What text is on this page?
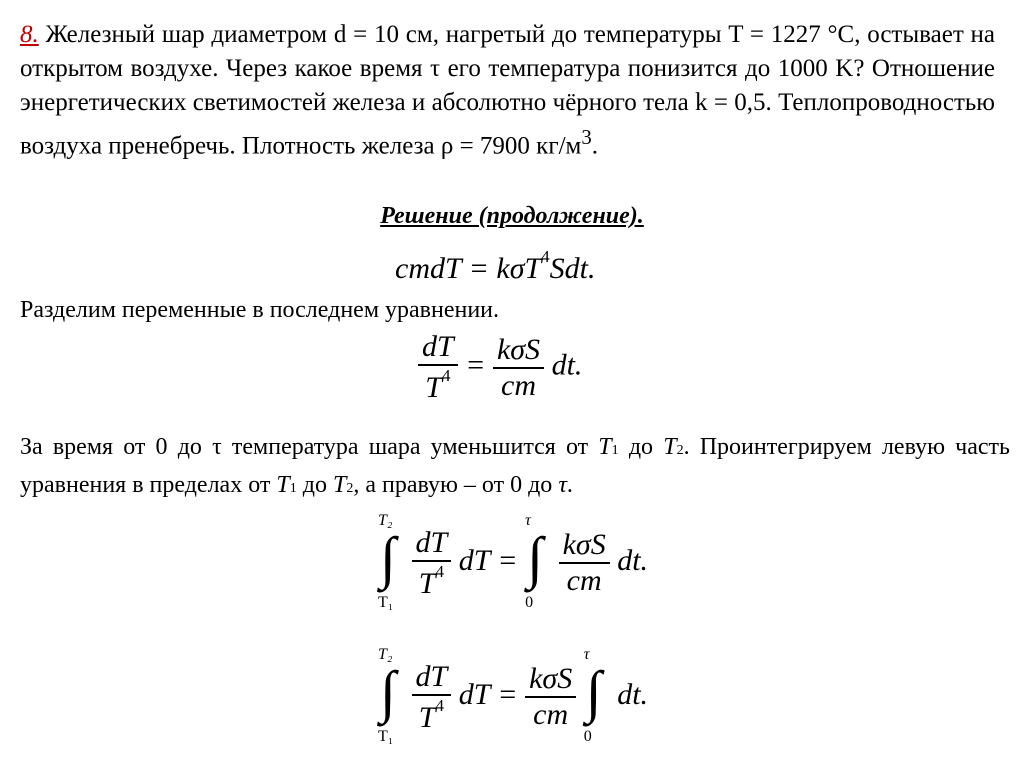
8. Железный шар диаметром d = 10 см, нагретый до температуры T = 1227 °C, остывает на открытом воздухе. Через какое время τ его температура понизится до 1000 K? Отношение энергетических светимостей железа и абсолютно чёрного тела k = 0,5. Теплопроводностью воздуха пренебречь. Плотность железа ρ = 7900 $кг/м^3$.
Решение (продолжение).
cmdT = kσT$^4$Sdt.
Разделим переменные в последнем уравнении.
$\frac{dT}{T^4} = \frac{\text{kσS}}{cm}$ dt.
За время от 0 до τ температура шара уменьшится от T1 до T2. Проинтегрируем левую часть уравнения в пределах от T1 до T2, а правую – от 0 до τ.
T₂
∫
T₁

$\frac{dT}{T^4}$ dT =
τ
∫
0

$\frac{\text{kσS}}{cm}$ dt.
T₂
∫
T₁

$\frac{dT}{T^4}$ dT = $\frac{\text{kσS}}{cm}$

τ
∫
0
dt.
